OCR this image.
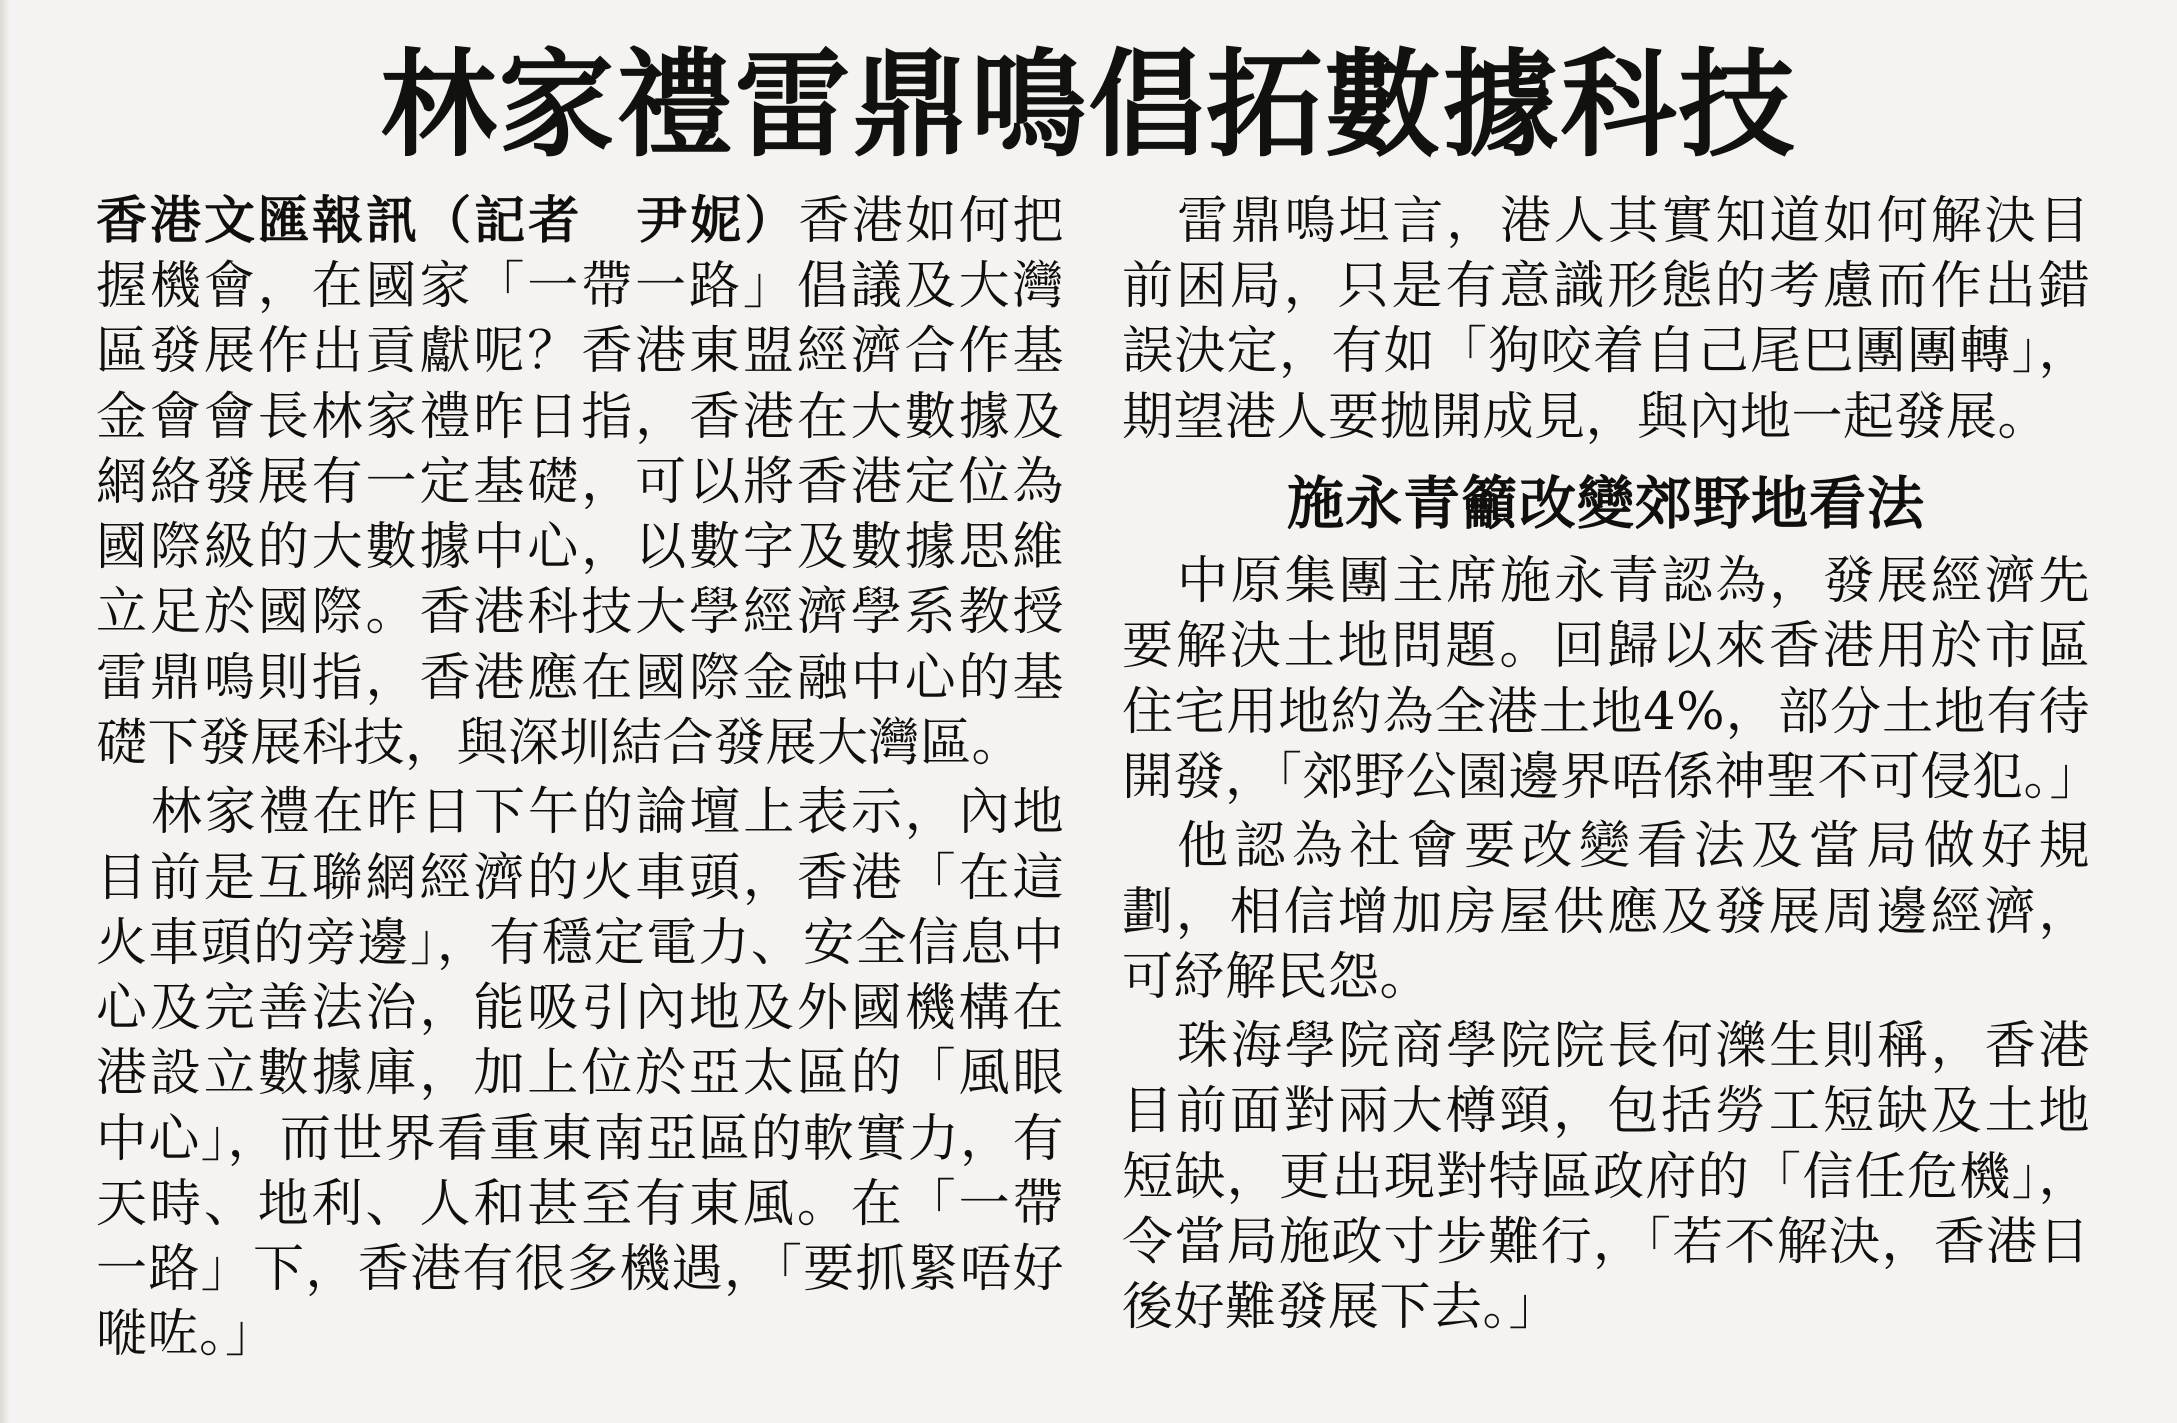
林家禮雷鼎鳴倡拓數據科技

香港文匯報訊（記者　尹妮）香港如何把握機會，在國家「一帶一路」倡議及大灣區發展作出貢獻呢？香港東盟經濟合作基金會會長林家禮昨日指，香港在大數據及網絡發展有一定基礎，可以將香港定位為國際級的大數據中心，以數字及數據思維立足於國際。香港科技大學經濟學系教授雷鼎鳴則指，香港應在國際金融中心的基礎下發展科技，與深圳結合發展大灣區。

林家禮在昨日下午的論壇上表示，內地目前是互聯網經濟的火車頭，香港「在這火車頭的旁邊」，有穩定電力、安全信息中心及完善法治，能吸引內地及外國機構在港設立數據庫，加上位於亞太區的「風眼中心」，而世界看重東南亞區的軟實力，有天時、地利、人和甚至有東風。在「一帶一路」下，香港有很多機遇，「要抓緊唔好嘥咗。」

雷鼎鳴坦言，港人其實知道如何解決目前困局，只是有意識形態的考慮而作出錯誤決定，有如「狗咬着自己尾巴團團轉」，期望港人要拋開成見，與內地一起發展。

施永青籲改變郊野地看法

中原集團主席施永青認為，發展經濟先要解決土地問題。回歸以來香港用於市區住宅用地約為全港土地4%，部分土地有待開發，「郊野公園邊界唔係神聖不可侵犯。」

他認為社會要改變看法及當局做好規劃，相信增加房屋供應及發展周邊經濟，可紓解民怨。

珠海學院商學院院長何濼生則稱，香港目前面對兩大樽頸，包括勞工短缺及土地短缺，更出現對特區政府的「信任危機」，令當局施政寸步難行，「若不解決，香港日後好難發展下去。」
